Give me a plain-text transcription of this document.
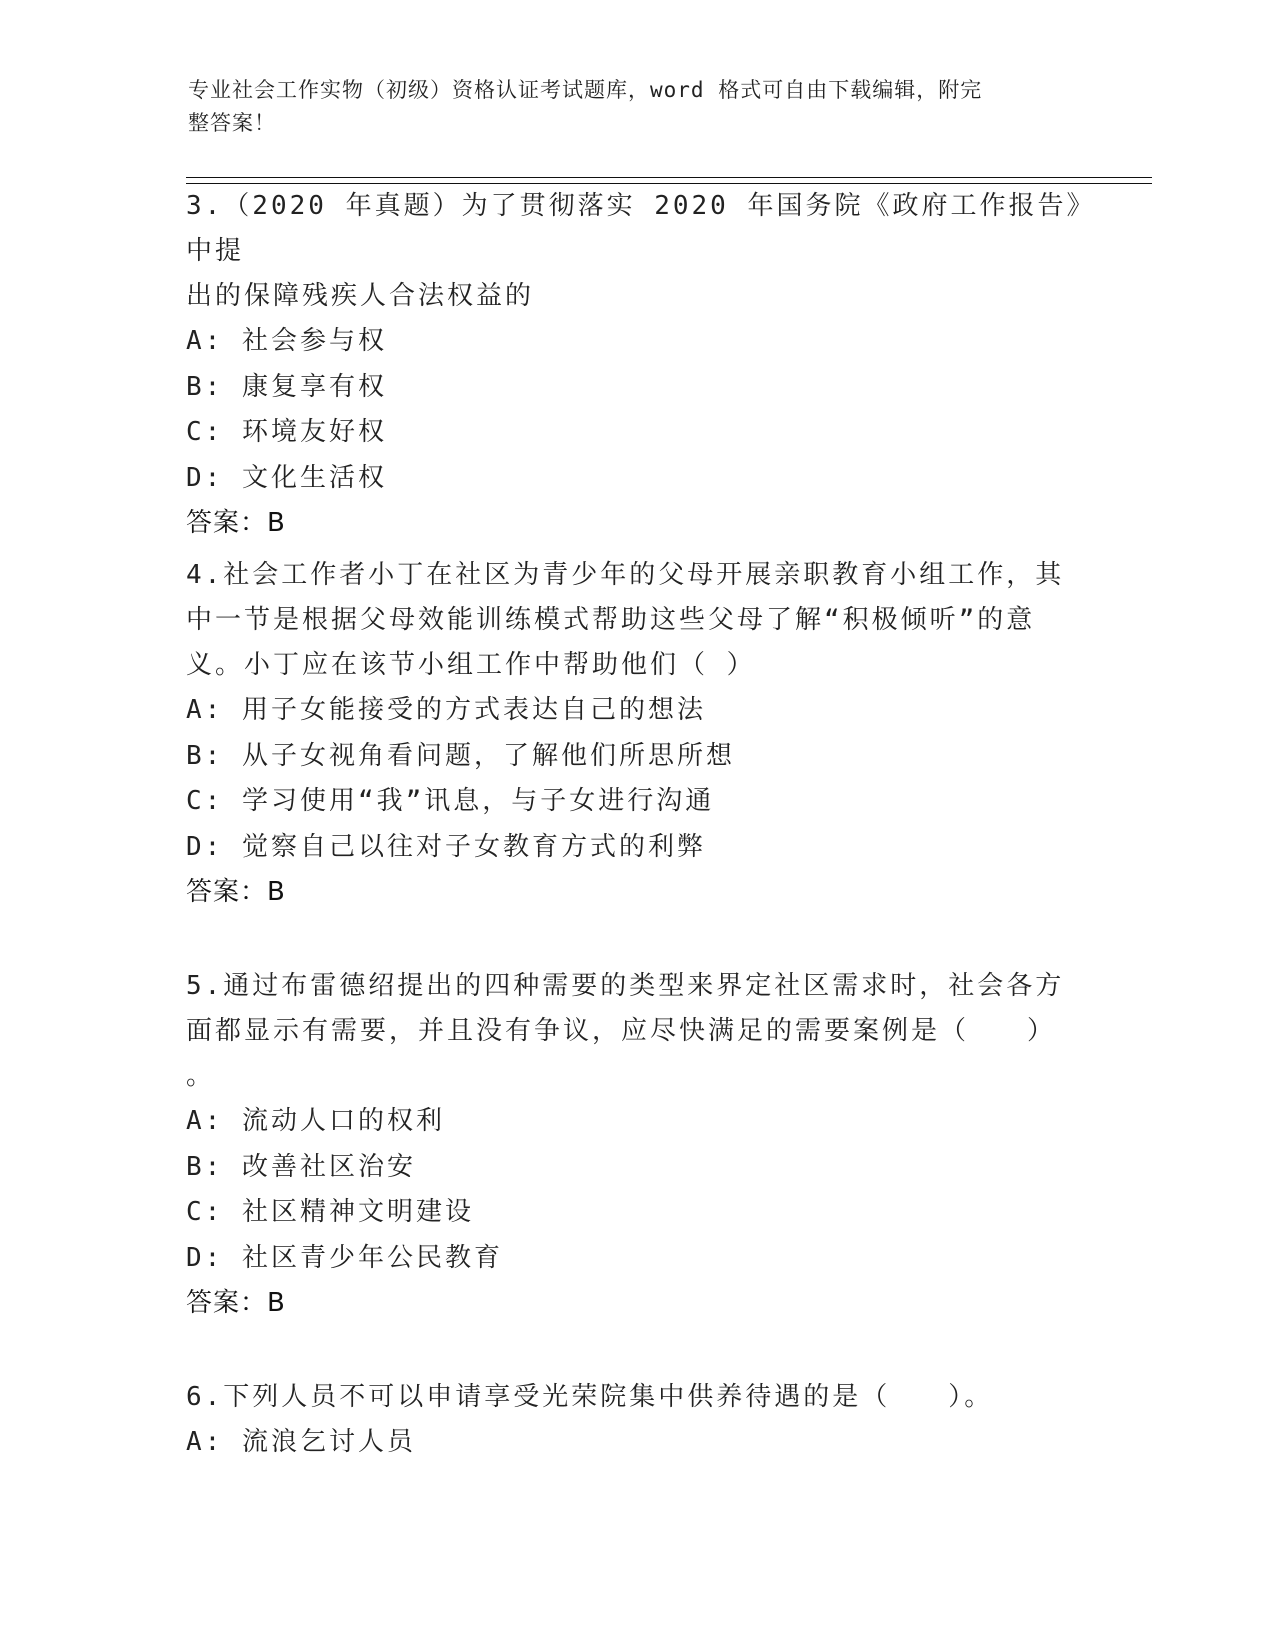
专业社会工作实物（初级）资格认证考试题库，word 格式可自由下载编辑，附完
整答案！
3.（2020 年真题）为了贯彻落实 2020 年国务院《政府工作报告》中提
出的保障残疾人合法权益的
A: 社会参与权
B: 康复享有权
C: 环境友好权
D: 文化生活权
答案：B
4.社会工作者小丁在社区为青少年的父母开展亲职教育小组工作，其
中一节是根据父母效能训练模式帮助这些父母了解“积极倾听”的意
义。小丁应在该节小组工作中帮助他们（ ）
A: 用子女能接受的方式表达自己的想法
B: 从子女视角看问题，了解他们所思所想
C: 学习使用“我”讯息，与子女进行沟通
D: 觉察自己以往对子女教育方式的利弊
答案：B
5.通过布雷德绍提出的四种需要的类型来界定社区需求时，社会各方
面都显示有需要，并且没有争议，应尽快满足的需要案例是（　　）
。
A: 流动人口的权利
B: 改善社区治安
C: 社区精神文明建设
D: 社区青少年公民教育
答案：B
6.下列人员不可以申请享受光荣院集中供养待遇的是（　　）。
A: 流浪乞讨人员
